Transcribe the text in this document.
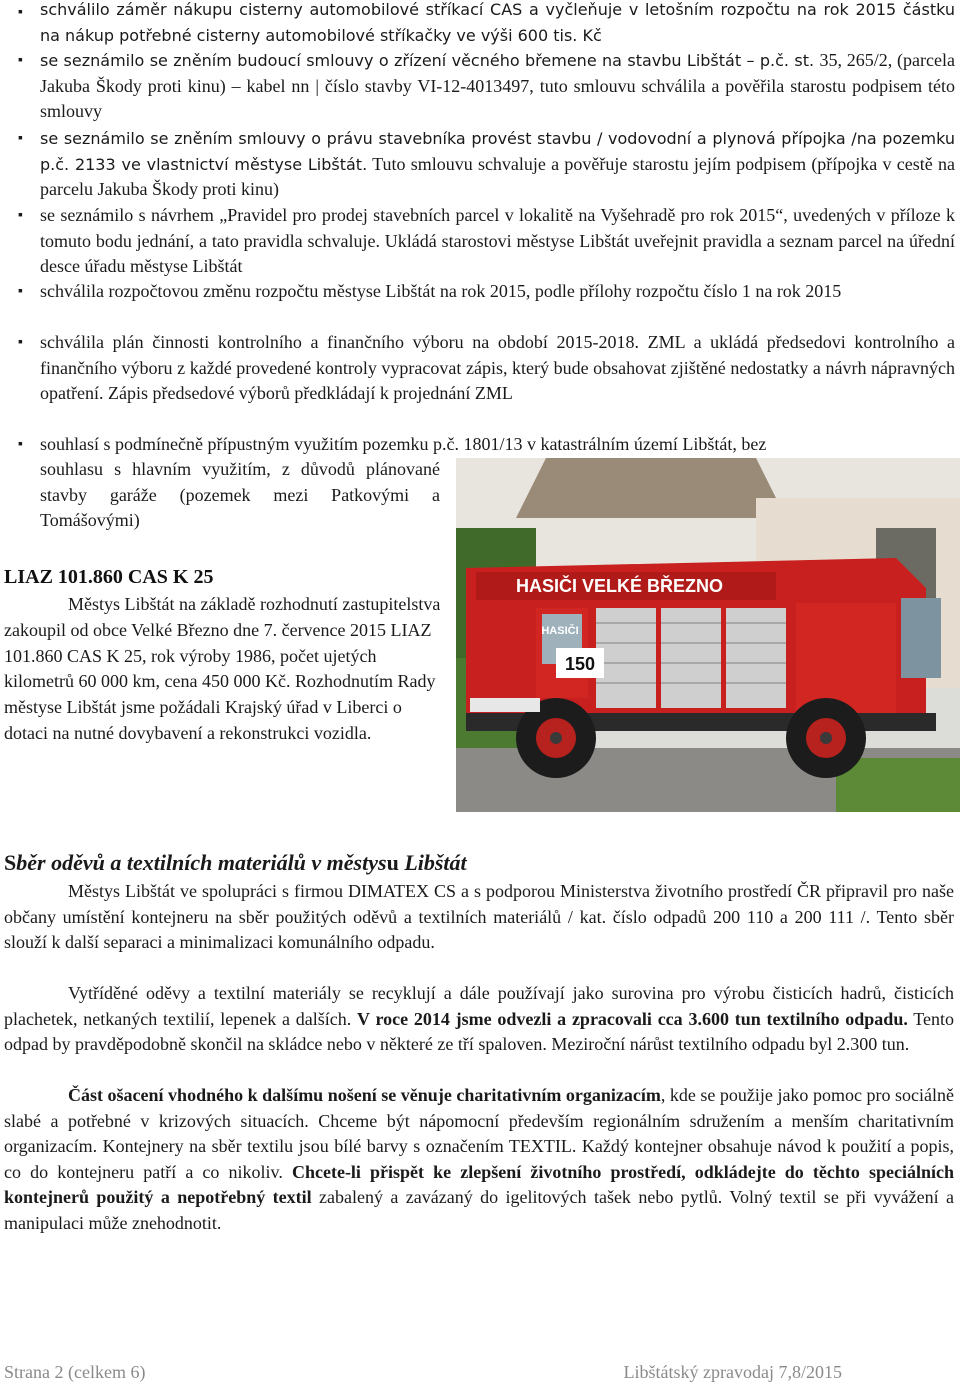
▪ schválilo záměr nákupu cisterny automobilové stříkací CAS a vyčleňuje v letošním rozpočtu na rok 2015 částku na nákup potřebné cisterny automobilové stříkačky ve výši 600 tis. Kč
▪ se seznámilo se zněním budoucí smlouvy o zřízení věcného břemene na stavbu Libštát – p.č. st. 35, 265/2, (parcela Jakuba Škody proti kinu) – kabel nn | číslo stavby VI-12-4013497, tuto smlouvu schválila a pověřila starostu podpisem této smlouvy
▪ se seznámilo se zněním smlouvy o právu stavebníka provést stavbu / vodovodní a plynová přípojka /na pozemku p.č. 2133 ve vlastnictví městyse Libštát. Tuto smlouvu schvaluje a pověřuje starostu jejím podpisem (přípojka v cestě na parcelu Jakuba Škody proti kinu)
▪ se seznámilo s návrhem „Pravidel pro prodej stavebních parcel v lokalitě na Vyšehradě pro rok 2015“, uvedených v příloze k tomuto bodu jednání, a tato pravidla schvaluje. Ukládá starostovi městyse Libštát uveřejnit pravidla a seznam parcel na úřední desce úřadu městyse Libštát
▪ schválila rozpočtovou změnu rozpočtu městyse Libštát na rok 2015, podle přílohy rozpočtu číslo 1 na rok 2015
▪ schválila plán činnosti kontrolního a finančního výboru na období 2015-2018. ZML a ukládá předsedovi kontrolního a finančního výboru z každé provedené kontroly vypracovat zápis, který bude obsahovat zjištěné nedostatky a návrh nápravných opatření. Zápis předsedové výborů předkládají k projednání ZML
▪ souhlasí s podmínečně přípustným využitím pozemku p.č. 1801/13 v katastrálním území Libštát, bez
souhlasu s hlavním využitím, z důvodů plánované stavby garáže (pozemek mezi Patkovými a Tomášovými)
HASIČI VELKÉ BŘEZNO
HASIČI
150
LIAZ 101.860 CAS K 25
Městys Libštát na základě rozhodnutí zastupitelstva zakoupil od obce Velké Březno dne 7. července 2015 LIAZ 101.860 CAS K 25, rok výroby 1986, počet ujetých kilometrů 60 000 km, cena 450 000 Kč. Rozhodnutím Rady městyse Libštát jsme požádali Krajský úřad v Liberci o dotaci na nutné dovybavení a rekonstrukci vozidla.
Sběr oděvů a textilních materiálů v městysu Libštát
Městys Libštát ve spolupráci s firmou DIMATEX CS a s podporou Ministerstva životního prostředí ČR připravil pro naše občany umístění kontejneru na sběr použitých oděvů a textilních materiálů / kat. číslo odpadů 200 110 a 200 111 /. Tento sběr slouží k další separaci a minimalizaci komunálního odpadu.
Vytříděné oděvy a textilní materiály se recyklují a dále používají jako surovina pro výrobu čisticích hadrů, čisticích plachetek, netkaných textilií, lepenek a dalších. V roce 2014 jsme odvezli a zpracovali cca 3.600 tun textilního odpadu. Tento odpad by pravděpodobně skončil na skládce nebo v některé ze tří spaloven. Meziroční nárůst textilního odpadu byl 2.300 tun.
Část ošacení vhodného k dalšímu nošení se věnuje charitativním organizacím, kde se použije jako pomoc pro sociálně slabé a potřebné v krizových situacích. Chceme být nápomocní především regionálním sdružením a menším charitativním organizacím. Kontejnery na sběr textilu jsou bílé barvy s označením TEXTIL. Každý kontejner obsahuje návod k použití a popis, co do kontejneru patří a co nikoliv. Chcete-li přispět ke zlepšení životního prostředí, odkládejte do těchto speciálních kontejnerů použitý a nepotřebný textil zabalený a zavázaný do igelitových tašek nebo pytlů. Volný textil se při vyvážení a manipulaci může znehodnotit.
Strana 2 (celkem 6)	Libštátský zpravodaj 7,8/2015
